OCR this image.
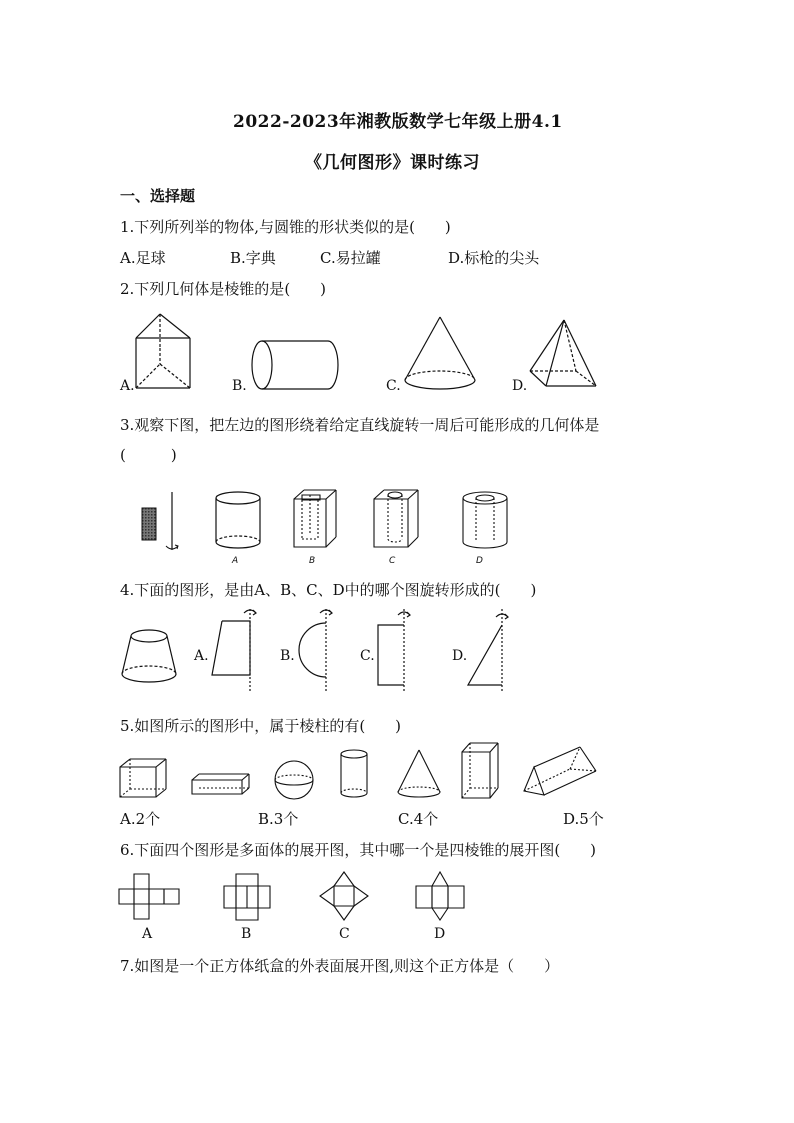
2022-2023年湘教版数学七年级上册4.1
《几何图形》课时练习
一、选择题
1.下列所列举的物体,与圆锥的形状类似的是(　　)
A.足球	B.字典	C.易拉罐	D.标枪的尖头
2.下列几何体是棱锥的是(　　)
A.	B.	C.	D.
3.观察下图，把左边的图形绕着给定直线旋转一周后可能形成的几何体是
(　　　)
A	B	C	D
4.下面的图形，是由A、B、C、D中的哪个图旋转形成的(　　)
A.	B.	C.	D.
5.如图所示的图形中，属于棱柱的有(　　)
A.2个	B.3个	C.4个	D.5个
6.下面四个图形是多面体的展开图，其中哪一个是四棱锥的展开图(　　)
A	B	C	D
7.如图是一个正方体纸盒的外表面展开图,则这个正方体是（　　）
